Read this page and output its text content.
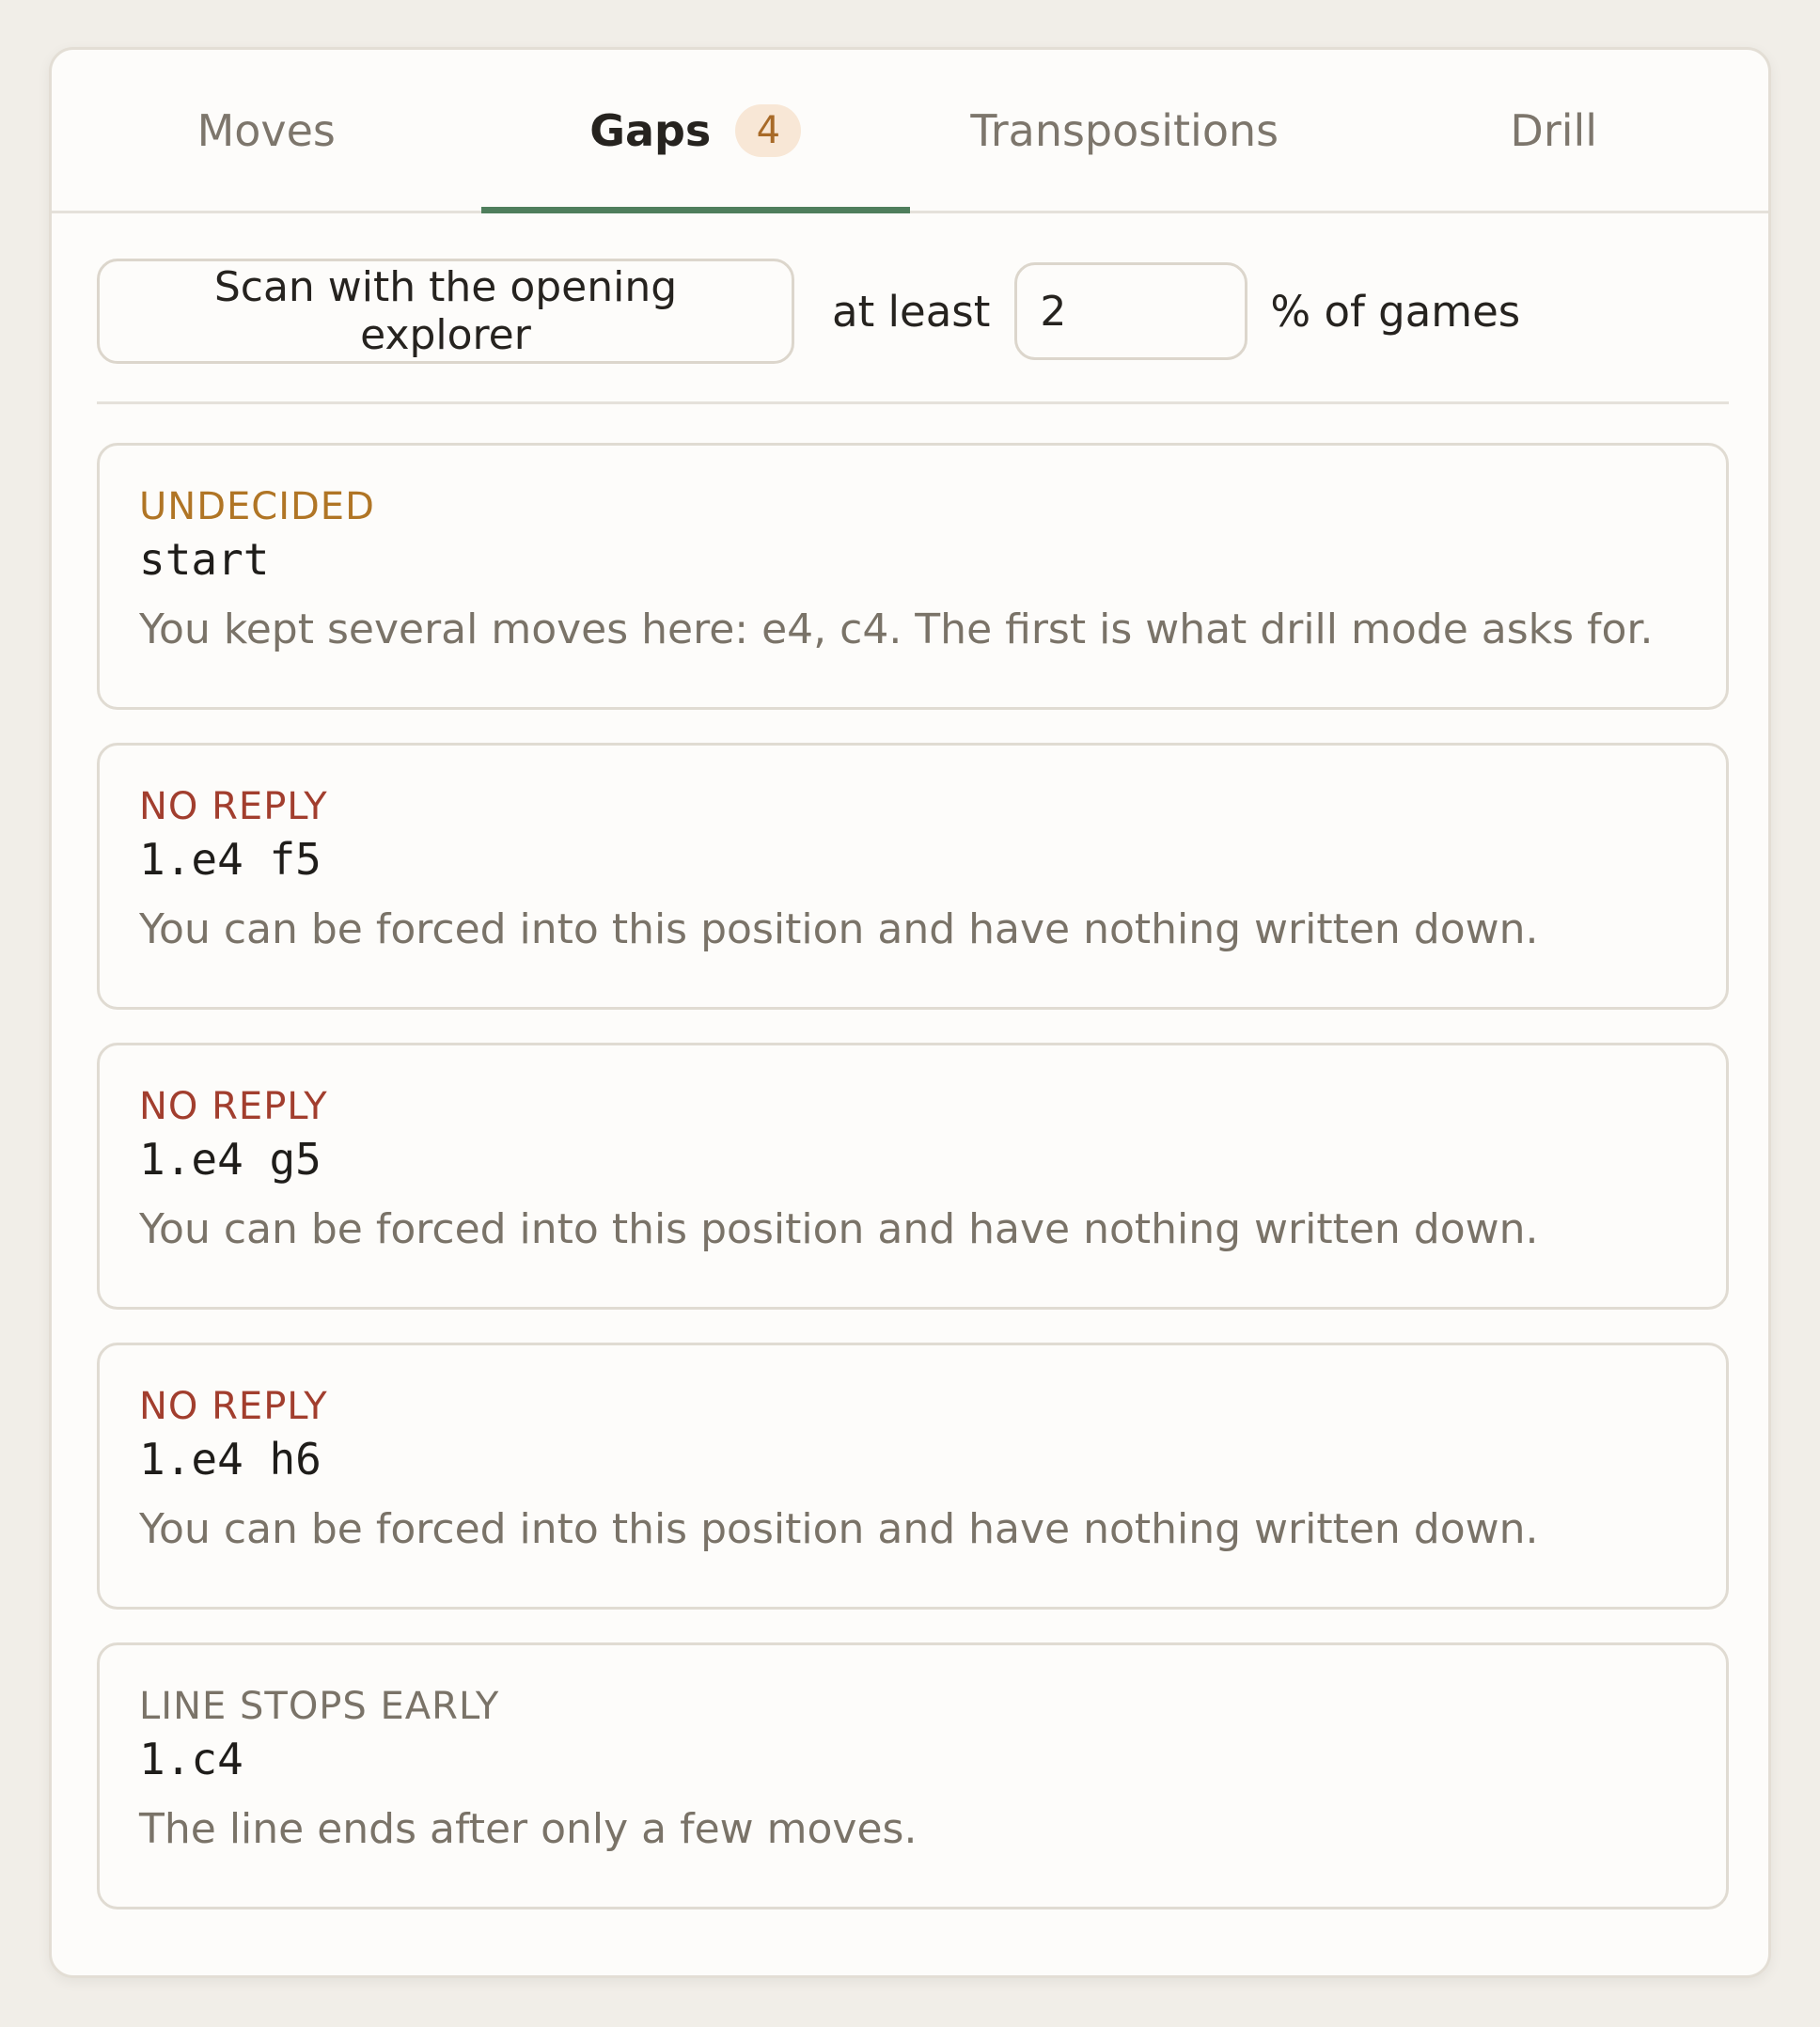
Moves	Gaps	4	Transpositions	Drill
Scan with the opening explorer	at least
2	% of games
UNDECIDED
start
You kept several moves here: e4, c4. The first is what drill mode asks for.
NO REPLY
1.e4 f5
You can be forced into this position and have nothing written down.
NO REPLY
1.e4 g5
You can be forced into this position and have nothing written down.
NO REPLY
1.e4 h6
You can be forced into this position and have nothing written down.
LINE STOPS EARLY
1.c4
The line ends after only a few moves.
